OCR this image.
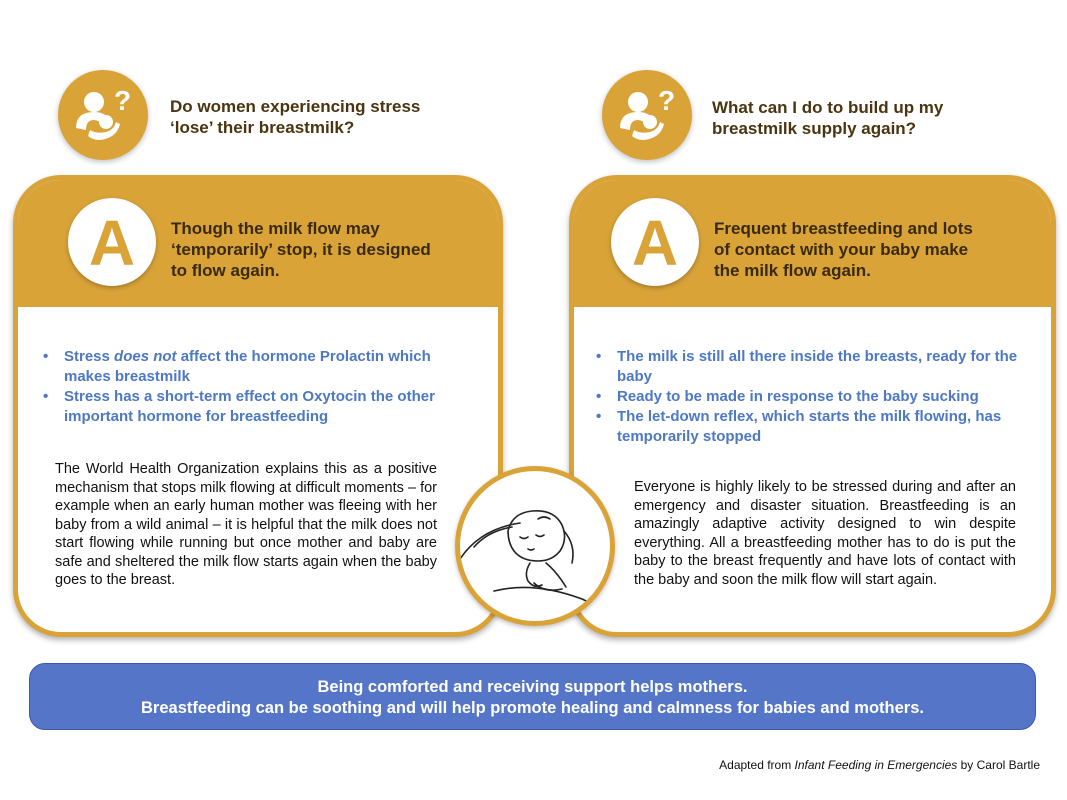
? Do women experiencing stress
‘lose’ their breastmilk?
? What can I do to build up my
breastmilk supply again?
A	Though the milk flow may
‘temporarily’ stop, it is designed
to flow again.
• Stress does not affect the hormone Prolactin which makes breastmilk
• Stress has a short-term effect on Oxytocin the other important hormone for breastfeeding
The World Health Organization explains this as a positive mechanism that stops milk flowing at difficult moments – for example when an early human mother was fleeing with her baby from a wild animal – it is helpful that the milk does not start flowing while running but once mother and baby are safe and sheltered the milk flow starts again when the baby goes to the breast.
A	Frequent breastfeeding and lots
of contact with your baby make
the milk flow again.
• The milk is still all there inside the breasts, ready for the baby
• Ready to be made in response to the baby sucking
• The let-down reflex, which starts the milk flowing, has temporarily stopped
Everyone is highly likely to be stressed during and after an emergency and disaster situation. Breastfeeding is an amazingly adaptive activity designed to win despite everything. All a breastfeeding mother has to do is put the baby to the breast frequently and have lots of contact with the baby and soon the milk flow will start again.
Being comforted and receiving support helps mothers.
Breastfeeding can be soothing and will help promote healing and calmness for babies and mothers.
Adapted from Infant Feeding in Emergencies by Carol Bartle
